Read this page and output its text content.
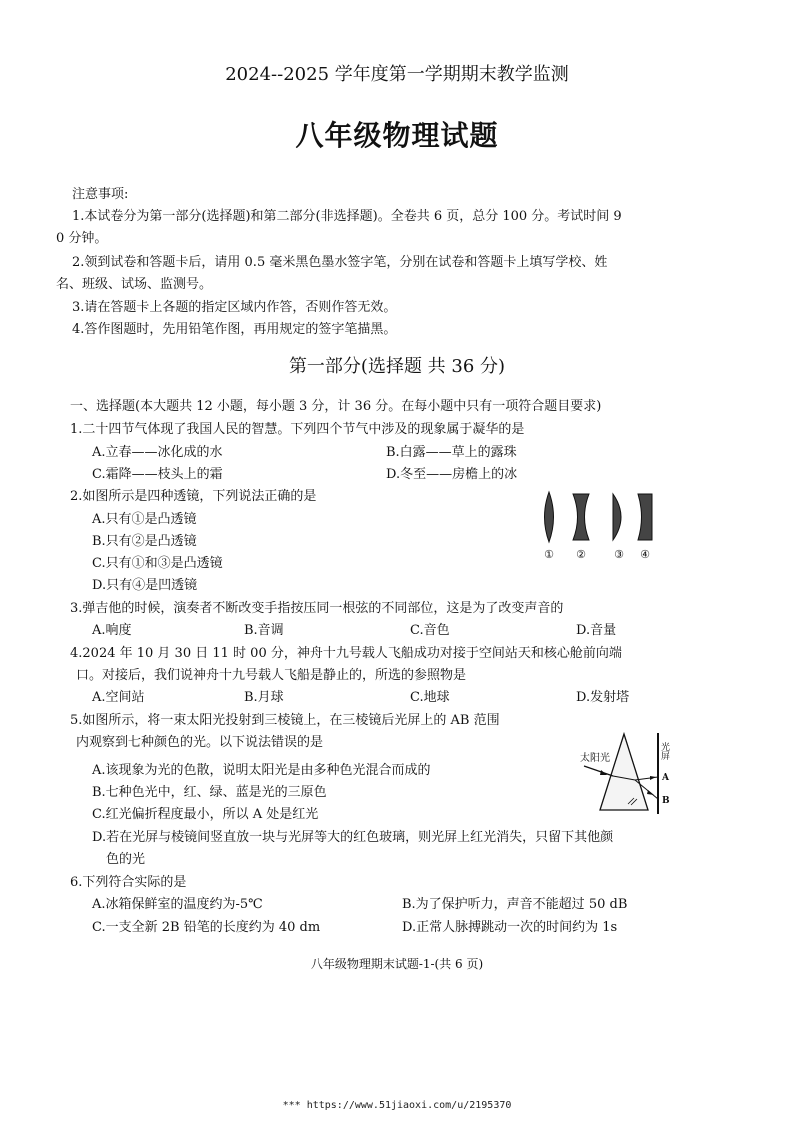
2024--2025 学年度第一学期期末教学监测
八年级物理试题
注意事项:
1.本试卷分为第一部分(选择题)和第二部分(非选择题)。全卷共 6 页，总分 100 分。考试时间 9
0 分钟。
2.领到试卷和答题卡后，请用 0.5 毫米黑色墨水签字笔，分别在试卷和答题卡上填写学校、姓
名、班级、试场、监测号。
3.请在答题卡上各题的指定区域内作答，否则作答无效。
4.答作图题时，先用铅笔作图，再用规定的签字笔描黑。
第一部分(选择题 共 36 分)
一、选择题(本大题共 12 小题，每小题 3 分，计 36 分。在每小题中只有一项符合题目要求)
1.二十四节气体现了我国人民的智慧。下列四个节气中涉及的现象属于凝华的是
A.立春——冰化成的水	B.白露——草上的露珠
C.霜降——枝头上的霜	D.冬至——房檐上的冰
2.如图所示是四种透镜，下列说法正确的是
A.只有①是凸透镜
B.只有②是凸透镜
C.只有①和③是凸透镜
D.只有④是凹透镜
① ②	③ ④
3.弹吉他的时候，演奏者不断改变手指按压同一根弦的不同部位，这是为了改变声音的
A.响度	B.音调	C.音色	D.音量
4.2024 年 10 月 30 日 11 时 00 分，神舟十九号载人飞船成功对接于空间站天和核心舱前向端
口。对接后，我们说神舟十九号载人飞船是静止的，所选的参照物是
A.空间站	B.月球	C.地球	D.发射塔
5.如图所示，将一束太阳光投射到三棱镜上，在三棱镜后光屏上的 AB 范围
内观察到七种颜色的光。以下说法错误的是
A.该现象为光的色散，说明太阳光是由多种色光混合而成的
B.七种色光中，红、绿、蓝是光的三原色
C.红光偏折程度最小，所以 A 处是红光
D.若在光屏与棱镜间竖直放一块与光屏等大的红色玻璃，则光屏上红光消失，只留下其他颜
色的光
光屏
太阳光
A
B
6.下列符合实际的是
A.冰箱保鲜室的温度约为-5℃	B.为了保护听力，声音不能超过 50 dB
C.一支全新 2B 铅笔的长度约为 40 dm	D.正常人脉搏跳动一次的时间约为 1s
八年级物理期末试题-1-(共 6 页)
*** https://www.51jiaoxi.com/u/2195370
